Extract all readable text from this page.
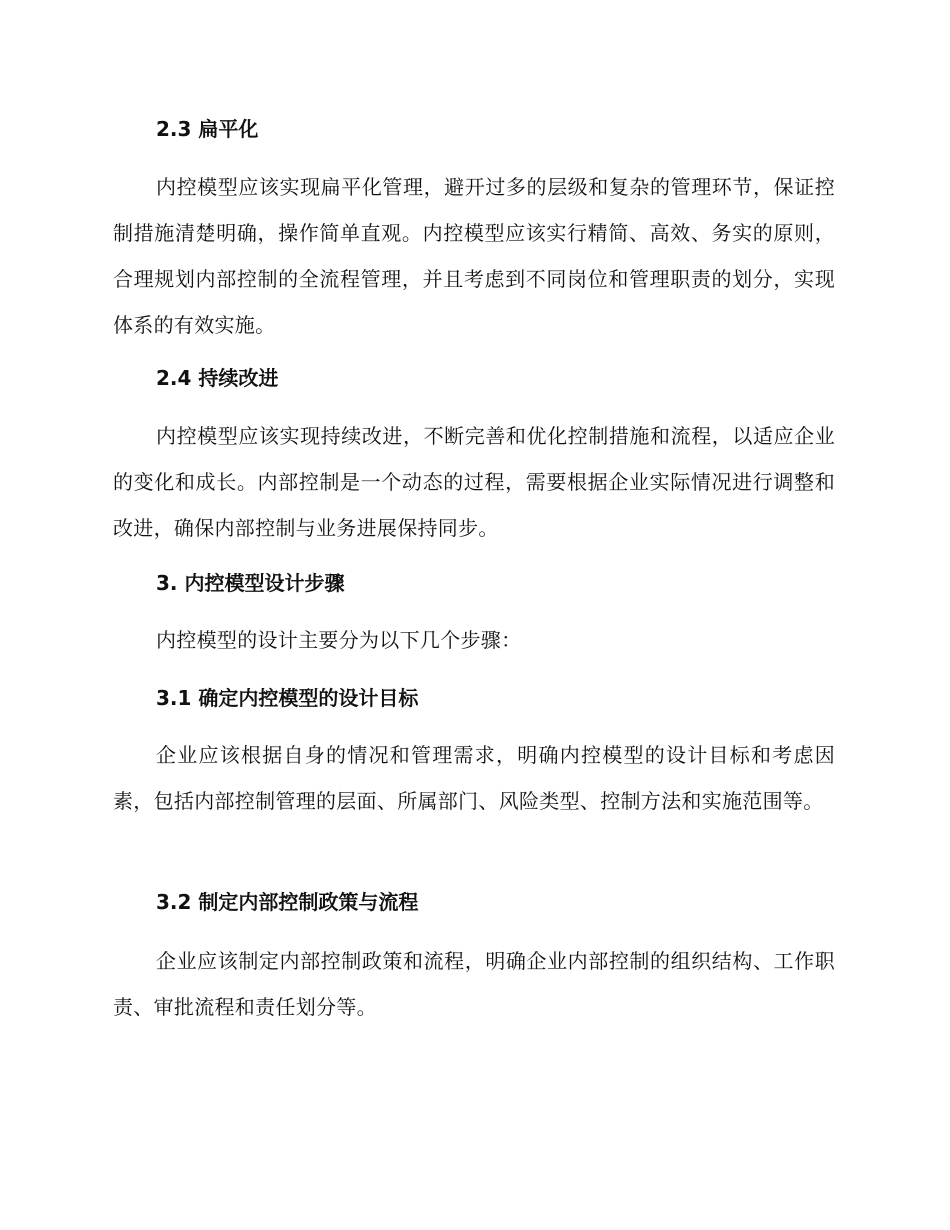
2.3 扁平化

内控模型应该实现扁平化管理，避开过多的层级和复杂的管理环节，保证控制措施清楚明确，操作简单直观。内控模型应该实行精简、高效、务实的原则，合理规划内部控制的全流程管理，并且考虑到不同岗位和管理职责的划分，实现体系的有效实施。

2.4 持续改进

内控模型应该实现持续改进，不断完善和优化控制措施和流程，以适应企业的变化和成长。内部控制是一个动态的过程，需要根据企业实际情况进行调整和改进，确保内部控制与业务进展保持同步。

3. 内控模型设计步骤

内控模型的设计主要分为以下几个步骤：

3.1 确定内控模型的设计目标

企业应该根据自身的情况和管理需求，明确内控模型的设计目标和考虑因素，包括内部控制管理的层面、所属部门、风险类型、控制方法和实施范围等。

3.2 制定内部控制政策与流程

企业应该制定内部控制政策和流程，明确企业内部控制的组织结构、工作职责、审批流程和责任划分等。
